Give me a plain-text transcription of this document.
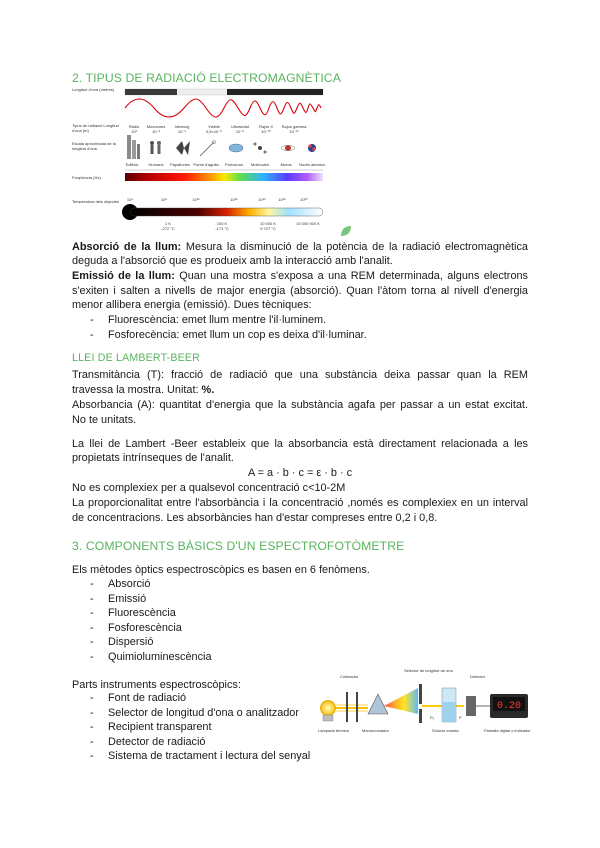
2. TIPUS DE RADIACIÓ ELECTROMAGNÈTICA
Ràdio
10³
Microones
10⁻²
Infraroig
10⁻⁵
Visible
0,5×10⁻⁶
Ultraviolat
10⁻⁸
Rajos X
10⁻¹⁰
Rajos gamma
10⁻¹²
Edificis	Humans Papallones Punta d'agulla Protozous Molècules	Àtoms Nuclis atòmics
10⁴	10⁸	10¹²	10¹⁵	10¹⁶	10¹⁸	10²⁰
1 K
-272 °C
100 K
-173 °C
10 000 K
9 727 °C
10 000 000 K
Longitud d'ona (metres)
Tipus de radiació Longitud d'ona (m)
Escala aproximada de la longitud d'ona
Freqüència (Hz)
Temperatura dels objectes
Absorció de la llum: Mesura la disminució de la potència de la radiació electromagnètica
deguda a l'absorció que es produeix amb la interacció amb l'analit.
Emissió de la llum: Quan una mostra s'exposa a una REM determinada, alguns electrons
s'exiten i salten a nivells de major energia (absorció). Quan l'àtom torna al nivell d'energia
menor allibera energia (emissió). Dues tècniques:
- Fluorescència: emet llum mentre l'il·luminem.
- Fosforecència: emet llum un cop es deixa d'il·luminar.
LLEI DE LAMBERT-BEER
Transmitància (T): fracció de radiació que una substància deixa passar quan la REM
travessa la mostra. Unitat: %.
Absorbancia (A): quantitat d'energia que la substància agafa per passar a un estat excitat.
No te unitats.
La llei de Lambert -Beer estableix que la absorbancia està directament relacionada a les
propietats intrínseques de l'analit.
A = a · b · c = ε · b · c
No es complexiex per a qualsevol concentració c<10-2M
La proporcionalitat entre l'absorbància i la concentració ,només es complexiex en un interval
de concentracions. Les absorbàncies han d'estar compreses entre 0,2 i 0,8.
3. COMPONENTS BÀSICS D'UN ESPECTROFOTÒMETRE
Els mètodes òptics espectroscòpics es basen en 6 fenòmens.
- Absorció
- Emissió
- Fluorescència
- Fosforescència
- Dispersió
- Quimioluminescència
Parts instruments espectroscòpics:
- Font de radiació
- Selector de longitud d'ona o analitzador
- Recipient transparent
- Detector de radiació
- Sistema de tractament i lectura del senyal
0.20
P₀	P
Colimador
Selector de longitud de ona
Detector
Làmpada tèrmica	Monocromador	Solució mostra	Pantalla digital o indicador
